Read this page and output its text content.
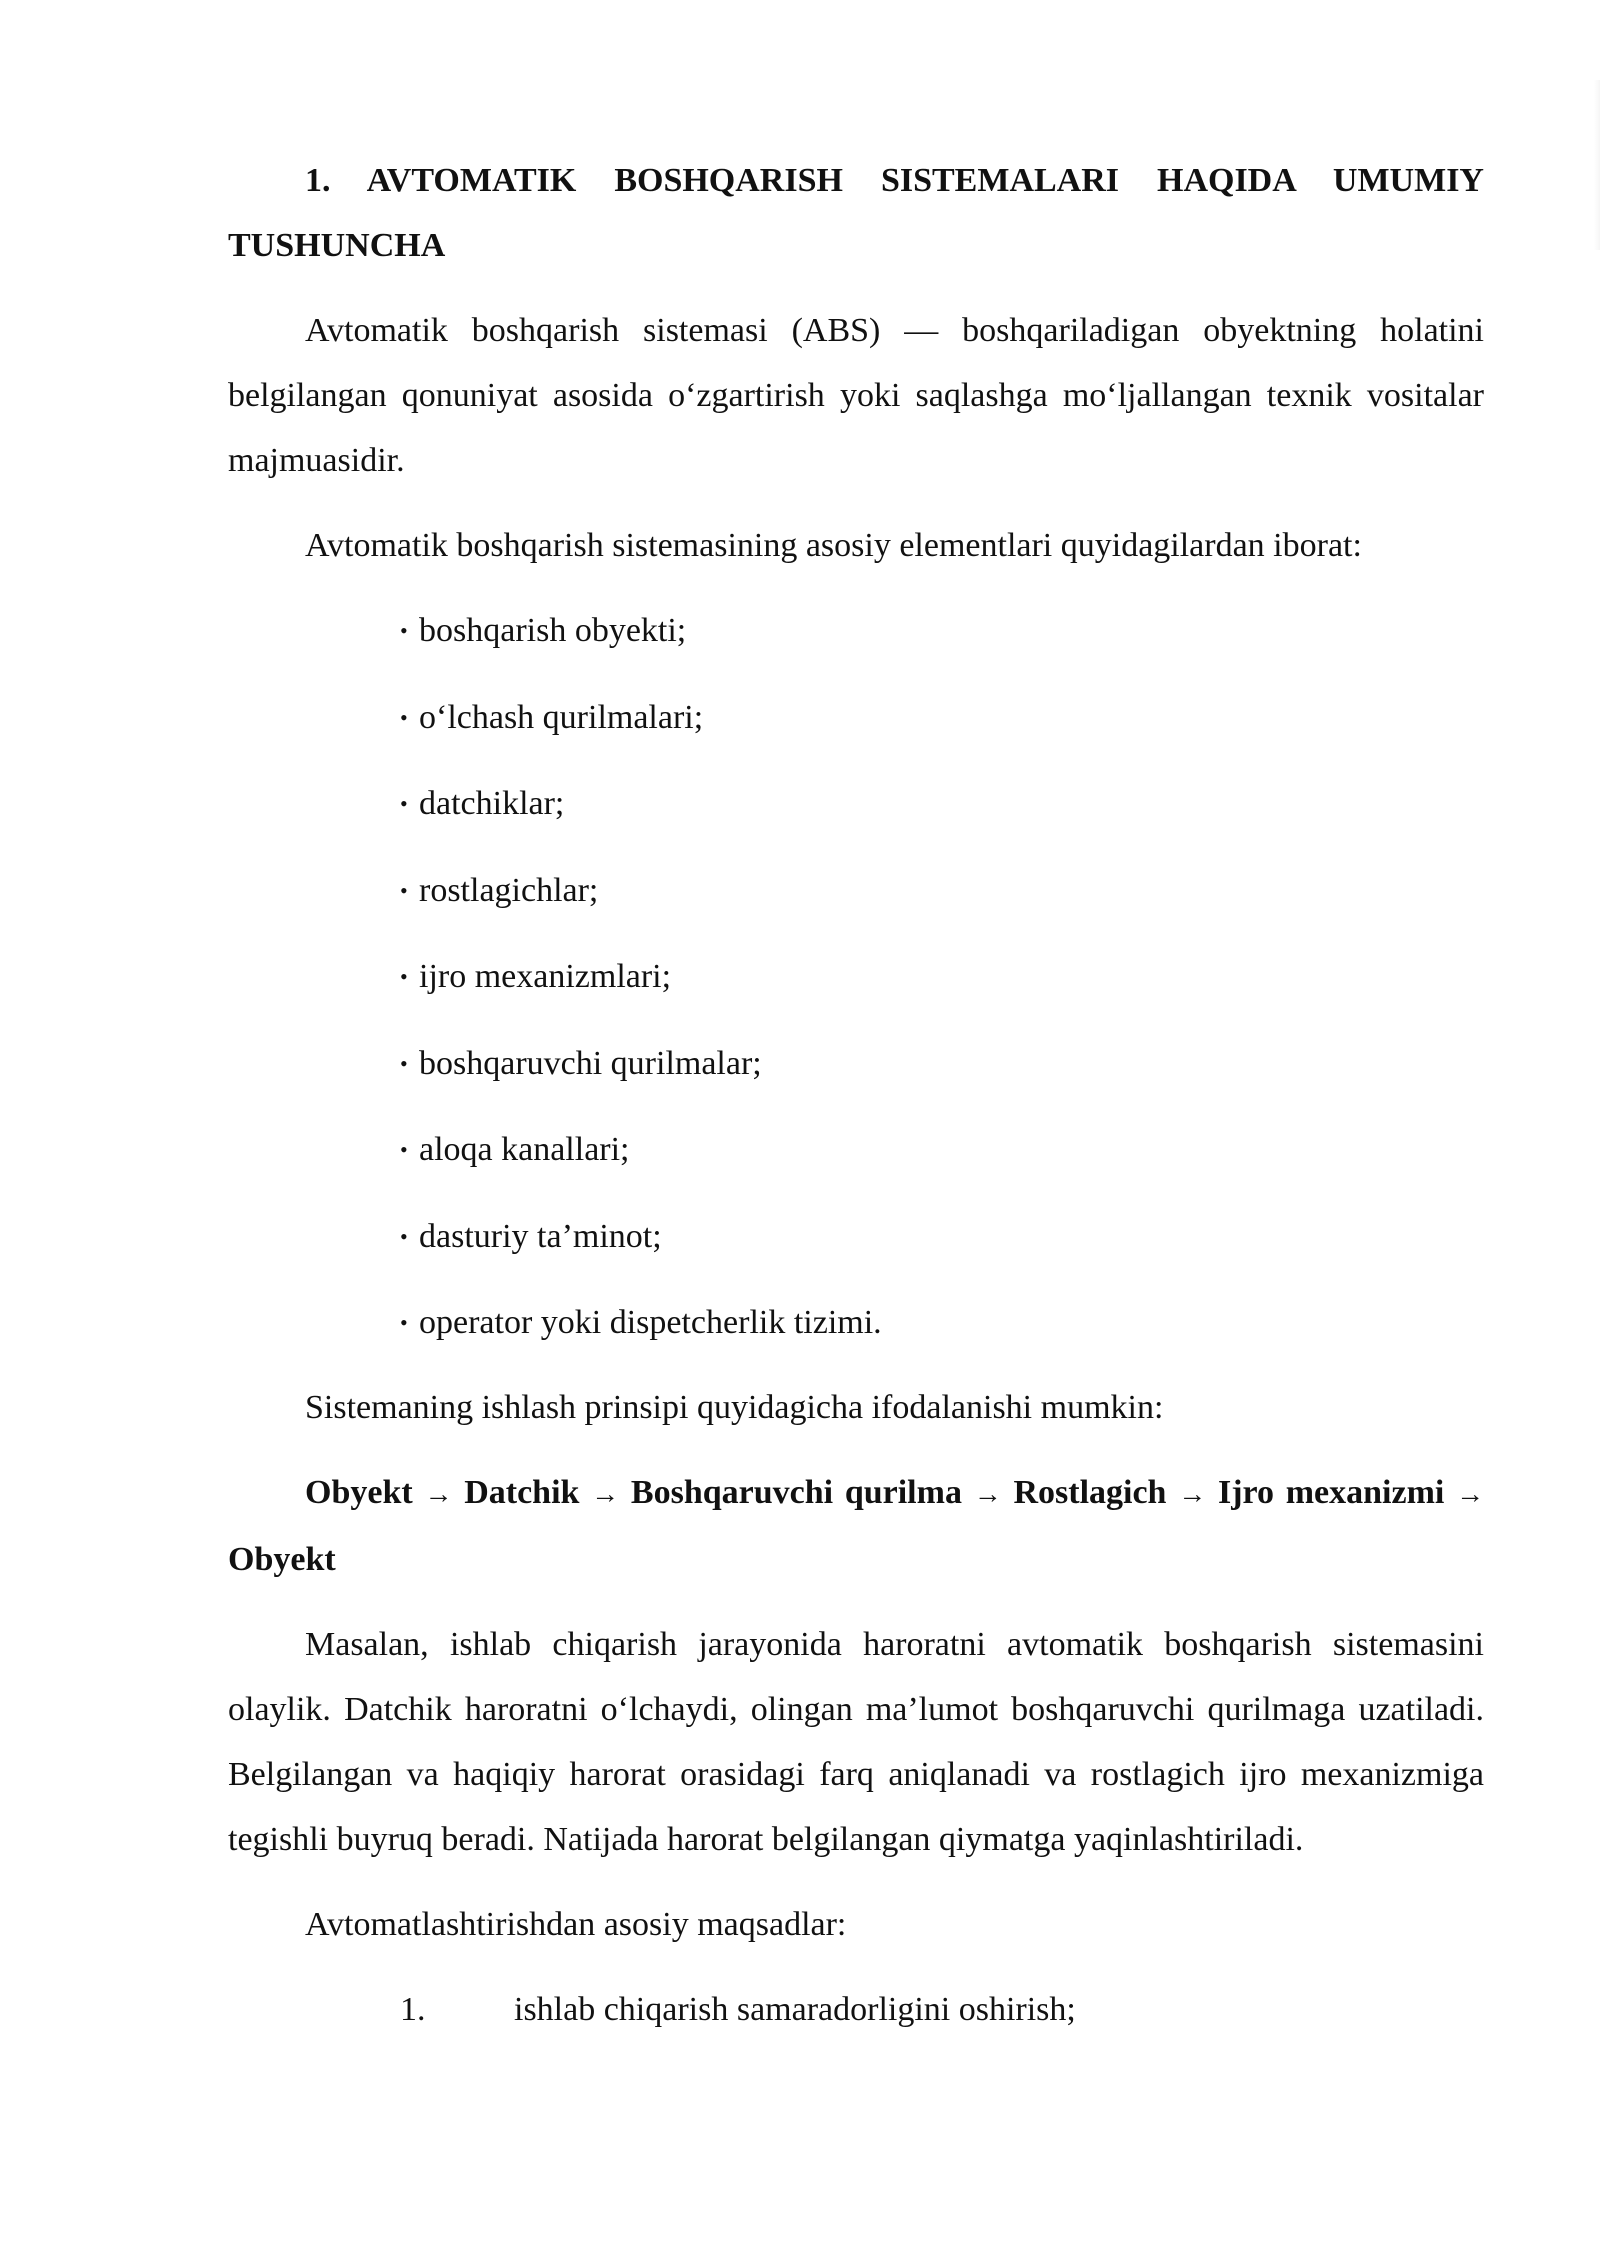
1. AVTOMATIK BOSHQARISH SISTEMALARI HAQIDA UMUMIY TUSHUNCHA

Avtomatik boshqarish sistemasi (ABS) — boshqariladigan obyektning holatini belgilangan qonuniyat asosida o‘zgartirish yoki saqlashga mo‘ljallangan texnik vositalar majmuasidir.

Avtomatik boshqarish sistemasining asosiy elementlari quyidagilardan iborat:

• boshqarish obyekti;
• o‘lchash qurilmalari;
• datchiklar;
• rostlagichlar;
• ijro mexanizmlari;
• boshqaruvchi qurilmalar;
• aloqa kanallari;
• dasturiy ta’minot;
• operator yoki dispetcherlik tizimi.

Sistemaning ishlash prinsipi quyidagicha ifodalanishi mumkin:

Obyekt → Datchik → Boshqaruvchi qurilma → Rostlagich → Ijro mexanizmi → Obyekt

Masalan, ishlab chiqarish jarayonida haroratni avtomatik boshqarish sistemasini olaylik. Datchik haroratni o‘lchaydi, olingan ma’lumot boshqaruvchi qurilmaga uzatiladi. Belgilangan va haqiqiy harorat orasidagi farq aniqlanadi va rostlagich ijro mexanizmiga tegishli buyruq beradi. Natijada harorat belgilangan qiymatga yaqinlashtiriladi.

Avtomatlashtirishdan asosiy maqsadlar:

1.	ishlab chiqarish samaradorligini oshirish;
